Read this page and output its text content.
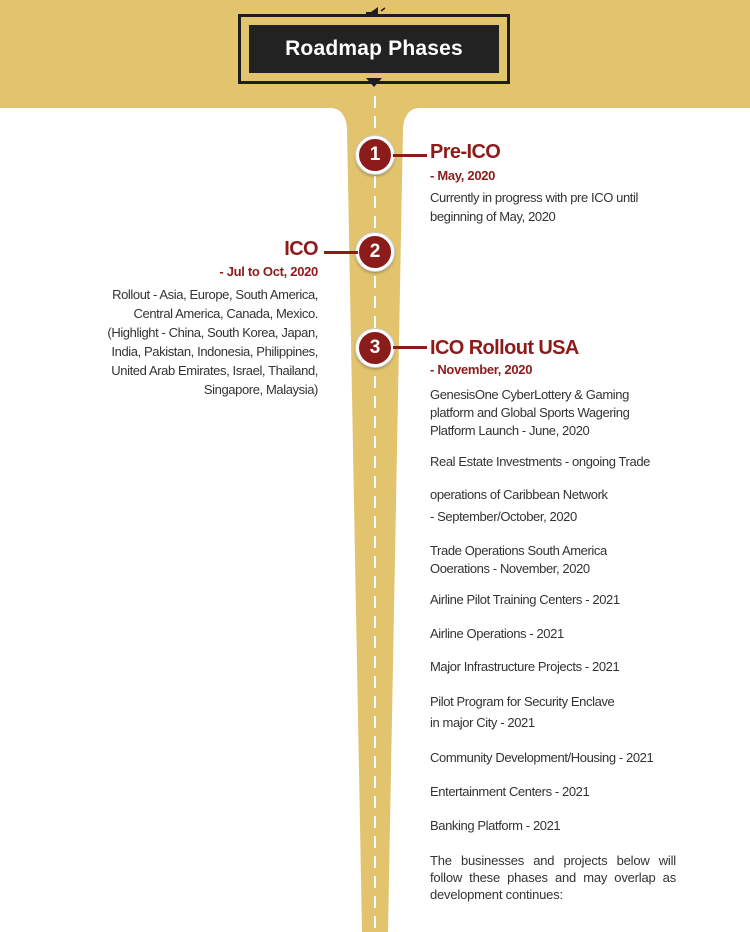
Roadmap Phases
1	Pre-ICO
- May, 2020
Currently in progress with pre ICO until
beginning of May, 2020
2
ICO
- Jul to Oct, 2020
Rollout - Asia, Europe, South America,
Central America, Canada, Mexico.
(Highlight - China, South Korea, Japan,
India, Pakistan, Indonesia, Philippines,
United Arab Emirates, Israel, Thailand,
Singapore, Malaysia)
3	ICO Rollout USA
- November, 2020
GenesisOne CyberLottery & Gaming
platform and Global Sports Wagering
Platform Launch - June, 2020
Real Estate Investments - ongoing Trade
operations of Caribbean Network
- September/October, 2020
Trade Operations South America
Ooerations - November, 2020
Airline Pilot Training Centers - 2021
Airline Operations - 2021
Major Infrastructure Projects - 2021
Pilot Program for Security Enclave
in major City - 2021
Community Development/Housing - 2021
Entertainment Centers - 2021
Banking Platform - 2021
The businesses and projects below will follow these phases and may overlap as development continues:
